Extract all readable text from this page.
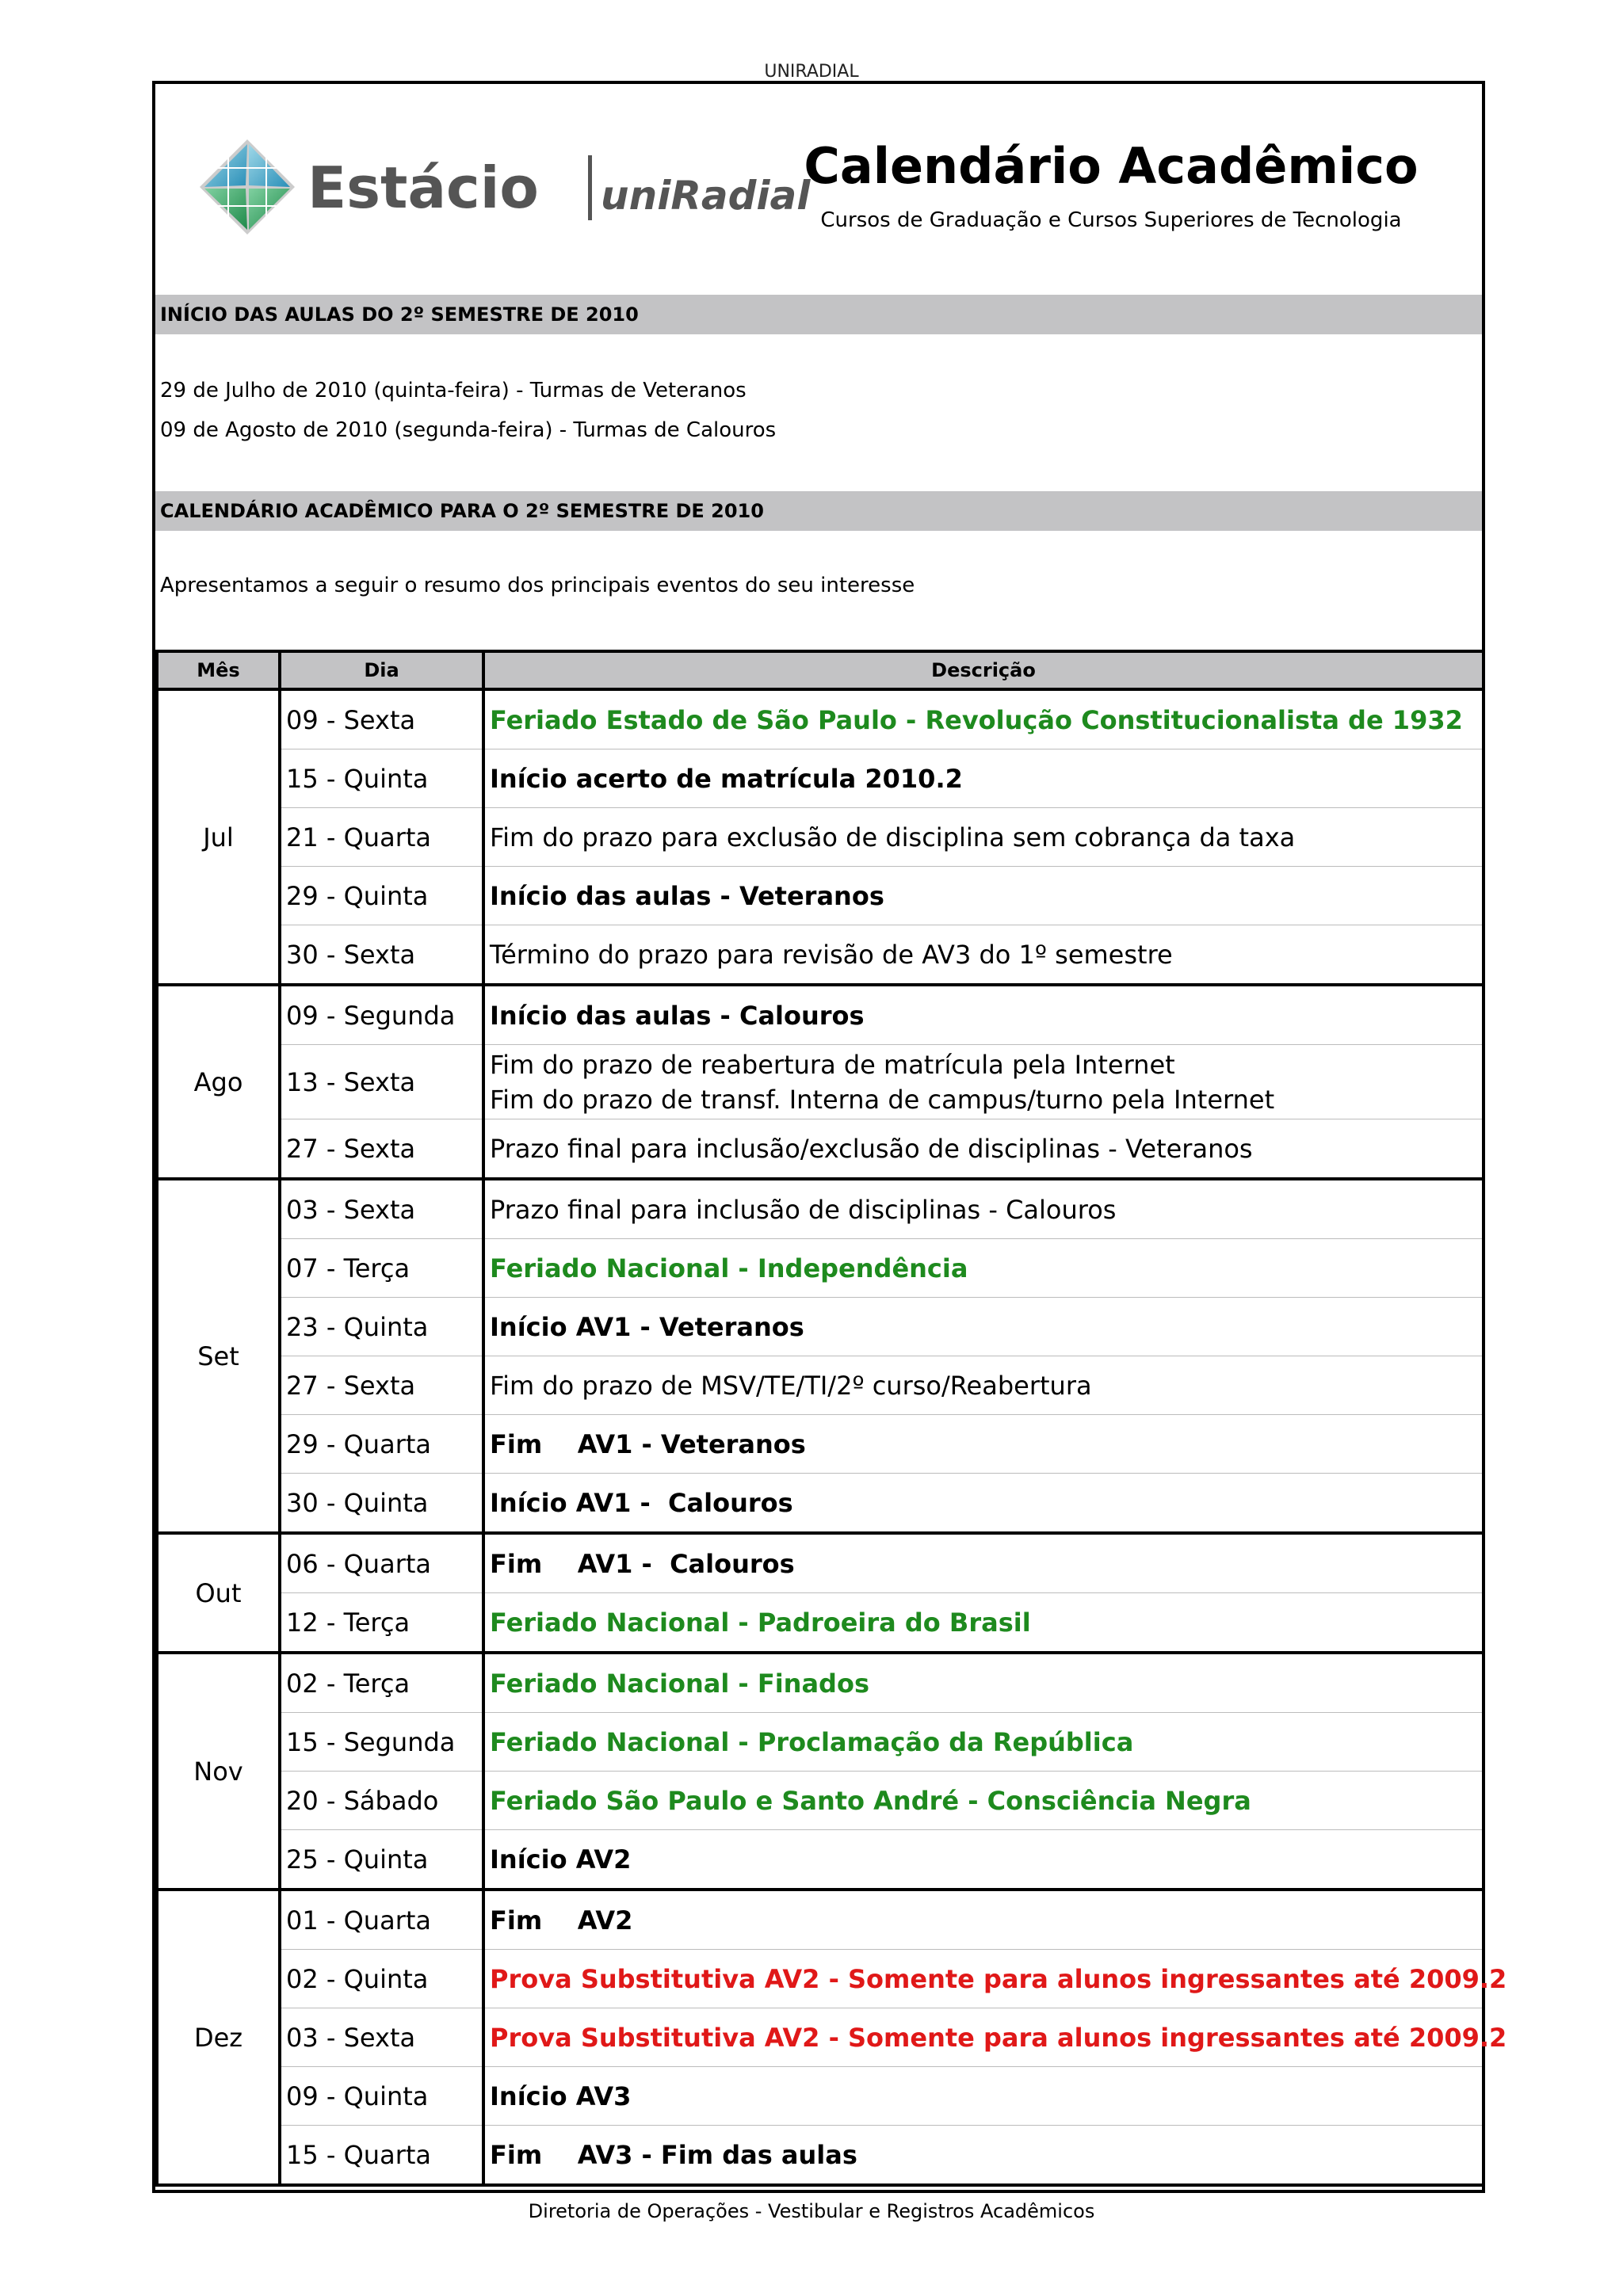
UNIRADIAL
Estácio uniRadial
Calendário Acadêmico
Cursos de Graduação e Cursos Superiores de Tecnologia
INÍCIO DAS AULAS DO 2º SEMESTRE DE 2010
29 de Julho de 2010 (quinta-feira) - Turmas de Veteranos
09 de Agosto de 2010 (segunda-feira) - Turmas de Calouros
CALENDÁRIO ACADÊMICO PARA O 2º SEMESTRE DE 2010
Apresentamos a seguir o resumo dos principais eventos do seu interesse
Mês	Dia	Descrição
Jul	09 - Sexta	Feriado Estado de São Paulo - Revolução Constitucionalista de 1932
	15 - Quinta	Início acerto de matrícula 2010.2
	21 - Quarta	Fim do prazo para exclusão de disciplina sem cobrança da taxa
	29 - Quinta	Início das aulas - Veteranos
	30 - Sexta	Término do prazo para revisão de AV3 do 1º semestre
Ago	09 - Segunda	Início das aulas - Calouros
	13 - Sexta	Fim do prazo de reabertura de matrícula pela Internet
Fim do prazo de transf. Interna de campus/turno pela Internet

	27 - Sexta	Prazo final para inclusão/exclusão de disciplinas - Veteranos
Set	03 - Sexta	Prazo final para inclusão de disciplinas - Calouros
	07 - Terça	Feriado Nacional - Independência
	23 - Quinta	Início AV1 - Veteranos
	27 - Sexta	Fim do prazo de MSV/TE/TI/2º curso/Reabertura
	29 - Quarta	Fim    AV1 - Veteranos
	30 - Quinta	Início AV1 -  Calouros
Out	06 - Quarta	Fim    AV1 -  Calouros
	12 - Terça	Feriado Nacional - Padroeira do Brasil
Nov	02 - Terça	Feriado Nacional - Finados
	15 - Segunda	Feriado Nacional - Proclamação da República
	20 - Sábado	Feriado São Paulo e Santo André - Consciência Negra
	25 - Quinta	Início AV2
Dez	01 - Quarta	Fim    AV2
	02 - Quinta	Prova Substitutiva AV2 - Somente para alunos ingressantes até 2009.2
	03 - Sexta	Prova Substitutiva AV2 - Somente para alunos ingressantes até 2009.2
	09 - Quinta	Início AV3
	15 - Quarta	Fim    AV3 - Fim das aulas
Diretoria de Operações - Vestibular e Registros Acadêmicos
